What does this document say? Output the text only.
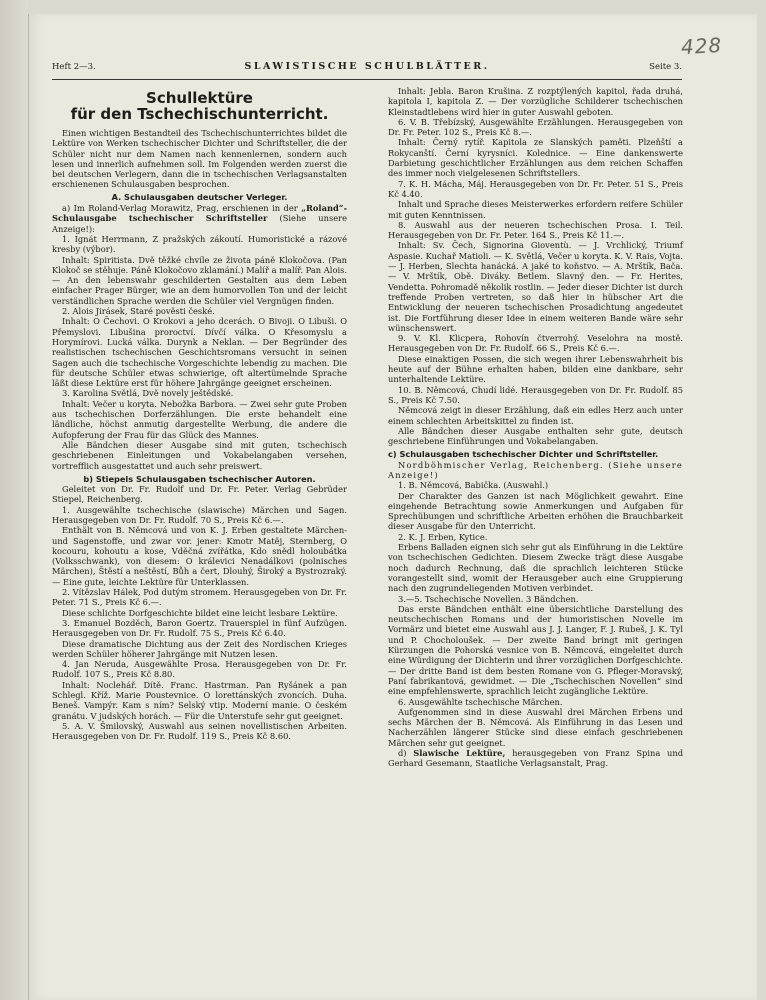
428
Heft 2—3.	SLAWISTISCHE SCHULBLÄTTER.	Seite 3.
Schullektüre
für den Tschechischunterricht.

Einen wichtigen Bestandteil des Tschechischunterrichtes bildet die Lektüre von Werken tschechischer Dichter und Schriftsteller, die der Schüler nicht nur dem Namen nach kennenlernen, sondern auch lesen und innerlich aufnehmen soll. Im Folgenden werden zuerst die bei deutschen Verlegern, dann die in tschechischen Verlagsanstalten erschienenen Schulausgaben besprochen.

A. Schulausgaben deutscher Verleger.

a) Im Roland-Verlag Morawitz, Prag, erschienen in der „Roland“-Schulausgabe tschechischer Schriftsteller (Siehe unsere Anzeige!):

1. Ignát Herrmann, Z pražských zákoutí. Humoristické a rázové kresby (výbor).

Inhalt: Spiritista. Dvě těžké chvíle ze života páně Klokočova. (Pan Klokoč se stěhuje. Páně Klokočovo zklamání.) Malíř a malíř. Pan Alois. — An den lebenswahr geschilderten Gestalten aus dem Leben einfacher Prager Bürger, wie an dem humorvollen Ton und der leicht verständlichen Sprache werden die Schüler viel Vergnügen finden.

2. Alois Jirásek, Staré pověsti české.

Inhalt: O Čechovi. O Krokovi a jeho dcerách. O Bivoji. O Libuši. O Přemyslovi. Libušina proroctví. Dívčí válka. O Křesomyslu a Horymírovi. Lucká válka. Durynk a Neklan. — Der Begründer des realistischen tschechischen Geschichtsromans versucht in seinen Sagen auch die tschechische Vorgeschichte lebendig zu machen. Die für deutsche Schüler etwas schwierige, oft altertümelnde Sprache läßt diese Lektüre erst für höhere Jahrgänge geeignet erscheinen.

3. Karolina Světlá, Dvě novely ještědské.

Inhalt: Večer u koryta. Nebožka Barbora. — Zwei sehr gute Proben aus tschechischen Dorferzählungen. Die erste behandelt eine ländliche, höchst anmutig dargestellte Werbung, die andere die Aufopferung der Frau für das Glück des Mannes.

Alle Bändchen dieser Ausgabe sind mit guten, tschechisch geschriebenen Einleitungen und Vokabelangaben versehen, vortrefflich ausgestattet und auch sehr preiswert.

b) Stiepels Schulausgaben tschechischer Autoren.

Geleitet von Dr. Fr. Rudolf und Dr. Fr. Peter. Verlag Gebrüder Stiepel, Reichenberg.

1. Ausgewählte tschechische (slawische) Märchen und Sagen. Herausgegeben von Dr. Fr. Rudolf. 70 S., Preis Kč 6.—.

Enthält von B. Němcová und von K. J. Erben gestaltete Märchen- und Sagenstoffe, und zwar vor. jener: Kmotr Matěj, Sternberg, O kocouru, kohoutu a kose, Vděčná zvířátka, Kdo snědl holoubátka (Volksschwank), von diesem: O králevici Nenadálkovi (polnisches Märchen), Štěstí a neštěstí, Bůh a čert, Dlouhý, Široký a Bystrozraký. — Eine gute, leichte Lektüre für Unterklassen.

2. Vítězslav Hálek, Pod dutým stromem. Herausgegeben von Dr. Fr. Peter. 71 S., Preis Kč 6.—.

Diese schlichte Dorfgeschichte bildet eine leicht lesbare Lektüre.

3. Emanuel Bozděch, Baron Goertz. Trauerspiel in fünf Aufzügen. Herausgegeben von Dr. Fr. Rudolf. 75 S., Preis Kč 6.40.

Diese dramatische Dichtung aus der Zeit des Nordischen Krieges werden Schüler höherer Jahrgänge mit Nutzen lesen.

4. Jan Neruda, Ausgewählte Prosa. Herausgegeben von Dr. Fr. Rudolf. 107 S., Preis Kč 8.80.

Inhalt: Noclehář. Dítě. Franc. Hastrman. Pan Ryšánek a pan Schlegl. Kříž. Marie Poustevnice. O lorettánských zvoncích. Duha. Beneš. Vampýr. Kam s ním? Selský vtip. Moderní manie. O českém granátu. V judských horách. — Für die Unterstufe sehr gut geeignet.

5. A. V. Šmilovský, Auswahl aus seinen novellistischen Arbeiten. Herausgegeben von Dr. Fr. Rudolf. 119 S., Preis Kč 8.60.

Inhalt: Jebla. Baron Krušina. Z rozptýlených kapitol, řada druhá, kapitola I, kapitola Z. — Der vorzügliche Schilderer tschechischen Kleinstadtlebens wird hier in guter Auswahl geboten.

6. V. B. Třebízský, Ausgewählte Erzählungen. Herausgegeben von Dr. Fr. Peter. 102 S., Preis Kč 8.—.

Inhalt: Černý rytíř. Kapitola ze Slanských paměti. Plzeňští a Rokycanští. Černí kyrysníci. Kolednice. — Eine dankenswerte Darbietung geschichtlicher Erzählungen aus dem reichen Schaffen des immer noch vielgelesenen Schriftstellers.

7. K. H. Mácha, Máj. Herausgegeben von Dr. Fr. Peter. 51 S., Preis Kč 4.40.

Inhalt und Sprache dieses Meisterwerkes erfordern reifere Schüler mit guten Kenntnissen.

8. Auswahl aus der neueren tschechischen Prosa. I. Teil. Herausgegeben von Dr. Fr. Peter. 164 S., Preis Kč 11.—.

Inhalt: Sv. Čech, Signorina Gioventù. — J. Vrchlický, Triumf Aspasie. Kuchař Matioli. — K. Světlá, Večer u koryta. K. V. Rais, Vojta. — J. Herben, Slechta hanácká. A jaké to koňstvo. — A. Mrštík, Bača. — V. Mrštík, Obě. Diváky. Betlem. Slavný den. — Fr. Herites, Vendetta. Pohromadě několik rostlin. — Jeder dieser Dichter ist durch treffende Proben vertreten, so daß hier in hübscher Art die Entwicklung der neueren tschechischen Prosadichtung angedeutet ist. Die Fortführung dieser Idee in einem weiteren Bande wäre sehr wünschenswert.

9. V. Kl. Klicpera, Rohovín čtverrohý. Veselohra na mostě. Herausgegeben von Dr. Fr. Rudolf. 66 S., Preis Kč 6.—.

Diese einaktigen Possen, die sich wegen ihrer Lebenswahrheit bis heute auf der Bühne erhalten haben, bilden eine dankbare, sehr unterhaltende Lektüre.

10. B. Němcová, Chudí lidé. Herausgegeben von Dr. Fr. Rudolf. 85 S., Preis Kč 7.50.

Němcová zeigt in dieser Erzählung, daß ein edles Herz auch unter einem schlechten Arbeitskittel zu finden ist.

Alle Bändchen dieser Ausgabe enthalten sehr gute, deutsch geschriebene Einführungen und Vokabelangaben.

c) Schulausgaben tschechischer Dichter und Schriftsteller.

Nordböhmischer Verlag, Reichenberg. (Siehe unsere Anzeige!)

1. B. Němcová, Babička. (Auswahl.)

Der Charakter des Ganzen ist nach Möglichkeit gewahrt. Eine eingehende Betrachtung sowie Anmerkungen und Aufgaben für Sprechübungen und schriftliche Arbeiten erhöhen die Brauchbarkeit dieser Ausgabe für den Unterricht.

2. K. J. Erben, Kytice.

Erbens Balladen eignen sich sehr gut als Einführung in die Lektüre von tschechischen Gedichten. Diesem Zwecke trägt diese Ausgabe noch dadurch Rechnung, daß die sprachlich leichteren Stücke vorangestellt sind, womit der Herausgeber auch eine Gruppierung nach den zugrundeliegenden Motiven verbindet.

3.—5. Tschechische Novellen. 3 Bändchen.

Das erste Bändchen enthält eine übersichtliche Darstellung des neutschechischen Romans und der humoristischen Novelle im Vormärz und bietet eine Auswahl aus J. J. Langer, F. J. Rubeš, J. K. Tyl und P. Chocholoušek. — Der zweite Band bringt mit geringen Kürzungen die Pohorská vesnice von B. Němcová, eingeleitet durch eine Würdigung der Dichterin und ihrer vorzüglichen Dorfgeschichte. — Der dritte Band ist dem besten Romane von G. Pfleger-Moravský, Paní fabrikantová, gewidmet. — Die „Tschechischen Novellen“ sind eine empfehlenswerte, sprachlich leicht zugängliche Lektüre.

6. Ausgewählte tschechische Märchen.

Aufgenommen sind in diese Auswahl drei Märchen Erbens und sechs Märchen der B. Němcová. Als Einführung in das Lesen und Nacherzählen längerer Stücke sind diese einfach geschriebenen Märchen sehr gut geeignet.

d) Slawische Lektüre, herausgegeben von Franz Spina und Gerhard Gesemann, Staatliche Verlagsanstalt, Prag.
